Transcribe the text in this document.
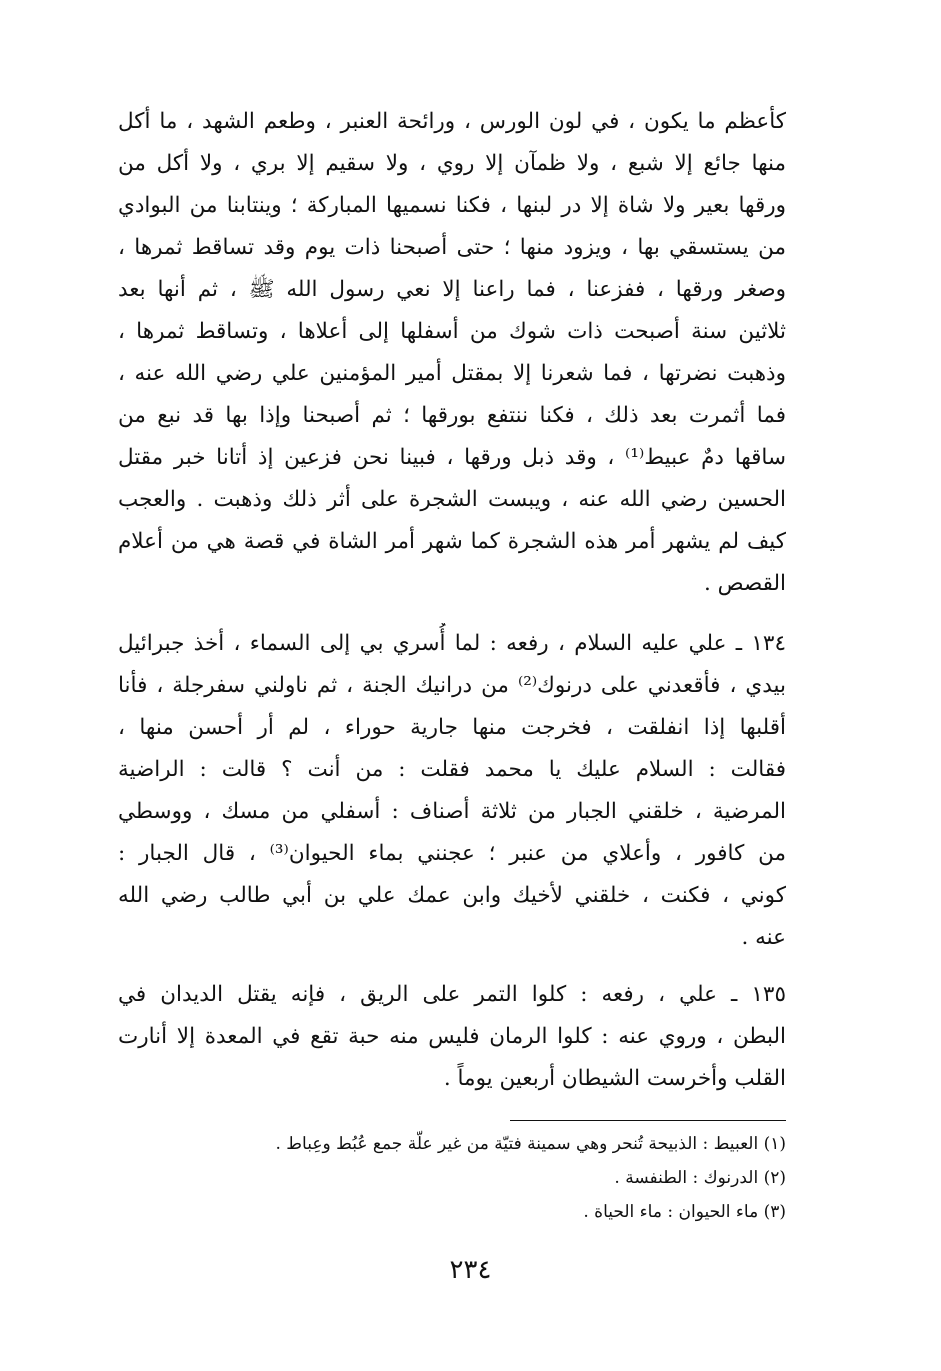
كأعظم ما يكون ، في لون الورس ، ورائحة العنبر ، وطعم الشهد ، ما أكل
منها جائع إلا شبع ، ولا ظمآن إلا روي ، ولا سقيم إلا بري ، ولا أكل من
ورقها بعير ولا شاة إلا در لبنها ، فكنا نسميها المباركة ؛ وينتابنا من البوادي
من يستسقي بها ، ويزود منها ؛ حتى أصبحنا ذات يوم وقد تساقط ثمرها ،
وصغر ورقها ، ففزعنا ، فما راعنا إلا نعي رسول الله ﷺ ، ثم أنها بعد
ثلاثين سنة أصبحت ذات شوك من أسفلها إلى أعلاها ، وتساقط ثمرها ،
وذهبت نضرتها ، فما شعرنا إلا بمقتل أمير المؤمنين علي رضي الله عنه ،
فما أثمرت بعد ذلك ، فكنا ننتفع بورقها ؛ ثم أصبحنا وإذا بها قد نبع من
ساقها دمٌ عبيط⁽¹⁾ ، وقد ذبل ورقها ، فبينا نحن فزعين إذ أتانا خبر مقتل
الحسين رضي الله عنه ، ويبست الشجرة على أثر ذلك وذهبت . والعجب
كيف لم يشهر أمر هذه الشجرة كما شهر أمر الشاة في قصة هي من أعلام
القصص .
١٣٤ ـ علي عليه السلام ، رفعه : لما أُسري بي إلى السماء ، أخذ جبرائيل
بيدي ، فأقعدني على درنوك⁽²⁾ من درانيك الجنة ، ثم ناولني سفرجلة ، فأنا
أقلبها إذا انفلقت ، فخرجت منها جارية حوراء ، لم أر أحسن منها ،
فقالت : السلام عليك يا محمد فقلت : من أنت ؟ قالت : الراضية
المرضية ، خلقني الجبار من ثلاثة أصناف : أسفلي من مسك ، ووسطي
من كافور ، وأعلاي من عنبر ؛ عجنني بماء الحيوان⁽³⁾ ، قال الجبار :
كوني ، فكنت ، خلقني لأخيك وابن عمك علي بن أبي طالب رضي الله
عنه .
١٣٥ ـ علي ، رفعه : كلوا التمر على الريق ، فإنه يقتل الديدان في
البطن ، وروي عنه : كلوا الرمان فليس منه حبة تقع في المعدة إلا أنارت
القلب وأخرست الشيطان أربعين يوماً .
(١) العبيط : الذبيحة تُنحر وهي سمينة فتيّة من غير علّة جمع عُبُط وعِباط .
(٢) الدرنوك : الطنفسة .
(٣) ماء الحيوان : ماء الحياة .
٢٣٤
